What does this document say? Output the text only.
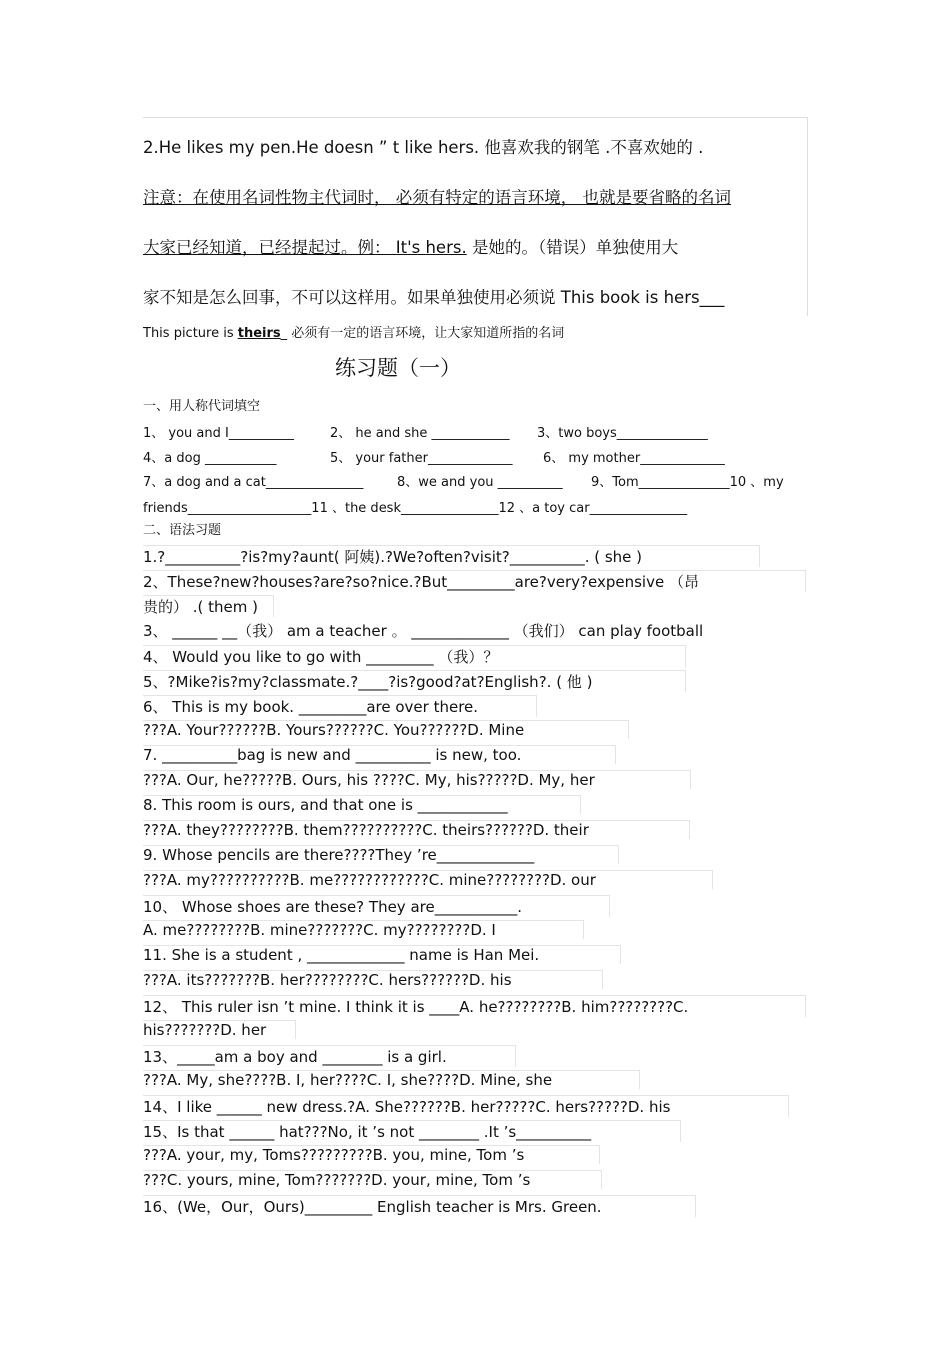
2.He likes my pen.He doesn ” t like hers. 他喜欢我的钢笔 .不喜欢她的 .
注意：在使用名词性物主代词时， 必须有特定的语言环境， 也就是要省略的名词
大家已经知道，已经提起过。例： It's hers. 是她的。（错误）单独使用大
家不知是怎么回事，不可以这样用。如果单独使用必须说 This book is hers___
This picture is theirs_ 必须有一定的语言环境，让大家知道所指的名词
练习题（一）
一、用人称代词填空
1、 you and I__________	2、 he and she ____________ 3、two boys______________
4、a dog ___________	5、 your father_____________ 6、 my mother_____________
7、a dog and a cat_______________	8、we and you __________ 9、Tom______________10 、my
friends___________________11 、the desk_______________12 、a toy car_______________
二、语法习题
1.?__________?is?my?aunt( 阿姨).?We?often?visit?__________. ( she )
2、These?new?houses?are?so?nice.?But_________are?very?expensive （昂
贵的） .( them )
3、 ______ __（我） am a teacher 。 _____________ （我们） can play football
4、 Would you like to go with _________ （我）？
5、?Mike?is?my?classmate.?____?is?good?at?English?. ( 他 )
6、 This is my book. _________are over there.
???A. Your??????B. Yours??????C. You??????D. Mine
7. __________bag is new and __________ is new, too.
???A. Our, he?????B. Ours, his ????C. My, his?????D. My, her
8. This room is ours, and that one is ____________
???A. they????????B. them??????????C. theirs??????D. their
9. Whose pencils are there????They ’re_____________
???A. my??????????B. me????????????C. mine????????D. our
10、 Whose shoes are these? They are___________.
A. me????????B. mine???????C. my????????D. I
11. She is a student , _____________ name is Han Mei.
???A. its???????B. her????????C. hers??????D. his
12、 This ruler isn ’t mine. I think it is ____A. he????????B. him????????C.
his???????D. her
13、_____am a boy and ________ is a girl.
???A. My, she????B. I, her????C. I, she????D. Mine, she
14、I like ______ new dress.?A. She??????B. her?????C. hers?????D. his
15、Is that ______ hat???No, it ’s not ________ .It ’s__________
???A. your, my, Toms?????????B. you, mine, Tom ’s
???C. yours, mine, Tom???????D. your, mine, Tom ’s
16、(We，Our，Ours)_________ English teacher is Mrs. Green.
